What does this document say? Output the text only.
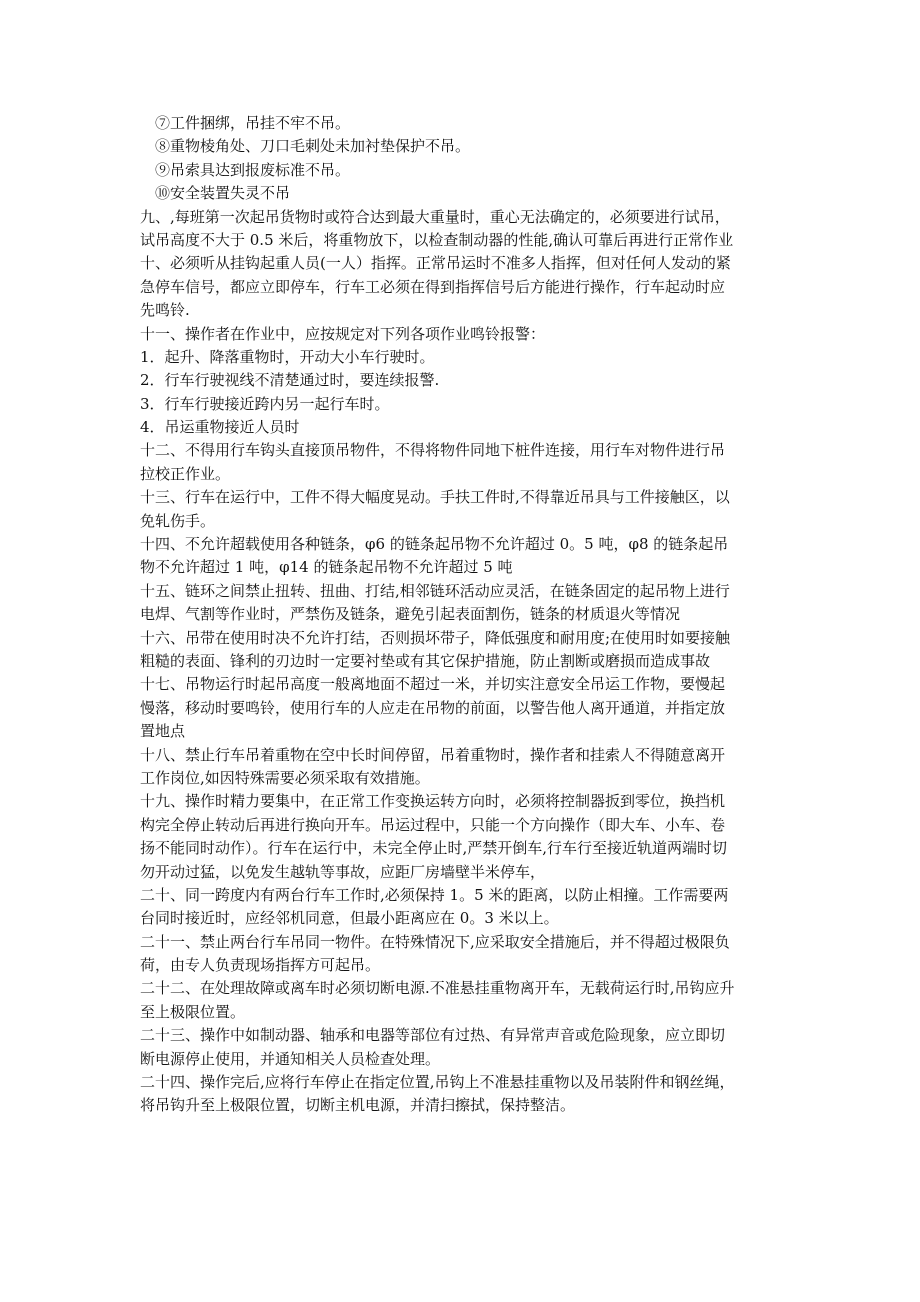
⑦工件捆绑，吊挂不牢不吊。
⑧重物棱角处、刀口毛刺处未加衬垫保护不吊。
⑨吊索具达到报废标准不吊。
⑩安全装置失灵不吊
九、,每班第一次起吊货物时或符合达到最大重量时，重心无法确定的，必须要进行试吊，
试吊高度不大于 0.5 米后，将重物放下，以检查制动器的性能,确认可靠后再进行正常作业
十、必须听从挂钩起重人员(一人）指挥。正常吊运时不准多人指挥，但对任何人发动的紧
急停车信号，都应立即停车，行车工必须在得到指挥信号后方能进行操作，行车起动时应
先鸣铃.
十一、操作者在作业中，应按规定对下列各项作业鸣铃报警：
1．起升、降落重物时，开动大小车行驶时。
2．行车行驶视线不清楚通过时，要连续报警.
3．行车行驶接近跨内另一起行车时。
4．吊运重物接近人员时
十二、不得用行车钩头直接顶吊物件，不得将物件同地下桩件连接，用行车对物件进行吊
拉校正作业。
十三、行车在运行中，工件不得大幅度晃动。手扶工件时,不得靠近吊具与工件接触区，以
免轧伤手。
十四、不允许超载使用各种链条，φ6 的链条起吊物不允许超过 0。5 吨，φ8 的链条起吊
物不允许超过 1 吨，φ14 的链条起吊物不允许超过 5 吨
十五、链环之间禁止扭转、扭曲、打结,相邻链环活动应灵活，在链条固定的起吊物上进行
电焊、气割等作业时，严禁伤及链条，避免引起表面割伤，链条的材质退火等情况
十六、吊带在使用时决不允许打结，否则损坏带子，降低强度和耐用度;在使用时如要接触
粗糙的表面、锋利的刃边时一定要衬垫或有其它保护措施，防止割断或磨损而造成事故
十七、吊物运行时起吊高度一般离地面不超过一米，并切实注意安全吊运工作物，要慢起
慢落，移动时要鸣铃，使用行车的人应走在吊物的前面，以警告他人离开通道，并指定放
置地点
十八、禁止行车吊着重物在空中长时间停留，吊着重物时，操作者和挂索人不得随意离开
工作岗位,如因特殊需要必须采取有效措施。
十九、操作时精力要集中，在正常工作变换运转方向时，必须将控制器扳到零位，换挡机
构完全停止转动后再进行换向开车。吊运过程中，只能一个方向操作（即大车、小车、卷
扬不能同时动作）。行车在运行中，未完全停止时,严禁开倒车,行车行至接近轨道两端时切
勿开动过猛，以免发生越轨等事故，应距厂房墙壁半米停车，
二十、同一跨度内有两台行车工作时,必须保持 1。5 米的距离，以防止相撞。工作需要两
台同时接近时，应经邻机同意，但最小距离应在 0。3 米以上。
二十一、禁止两台行车吊同一物件。在特殊情况下,应采取安全措施后，并不得超过极限负
荷，由专人负责现场指挥方可起吊。
二十二、在处理故障或离车时必须切断电源.不准悬挂重物离开车，无载荷运行时,吊钩应升
至上极限位置。
二十三、操作中如制动器、轴承和电器等部位有过热、有异常声音或危险现象，应立即切
断电源停止使用，并通知相关人员检查处理。
二十四、操作完后,应将行车停止在指定位置,吊钩上不准悬挂重物以及吊装附件和钢丝绳，
将吊钩升至上极限位置，切断主机电源，并清扫擦拭，保持整洁。
